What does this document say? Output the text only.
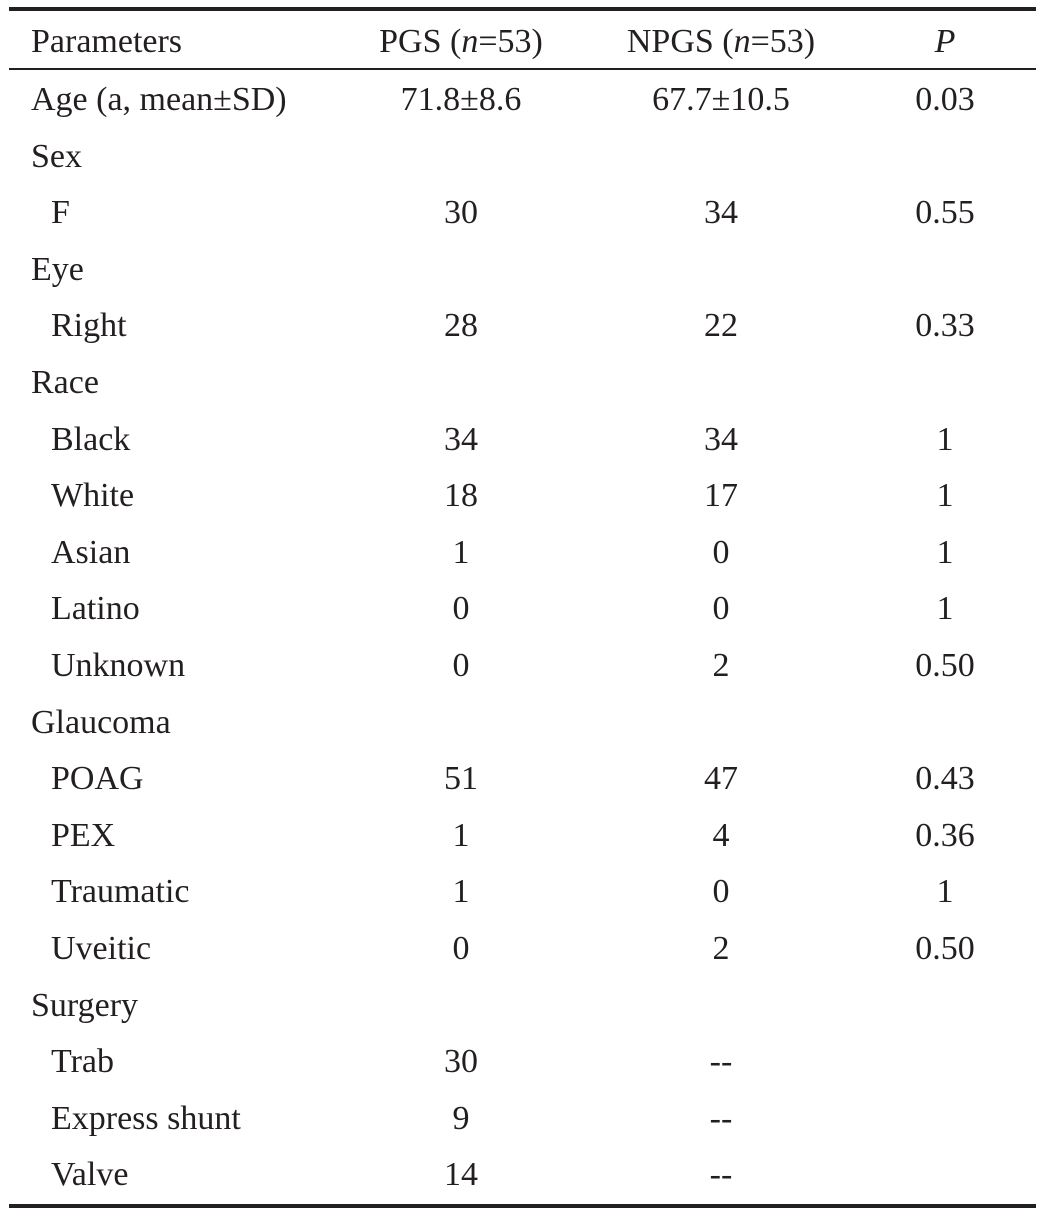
Parameters	PGS (n=53)	NPGS (n=53)	P
Age (a, mean±SD)	71.8±8.6	67.7±10.5	0.03
Sex
F	30	34	0.55
Eye
Right	28	22	0.33
Race
Black	34	34	1
White	18	17	1
Asian	1	0	1
Latino	0	0	1
Unknown	0	2	0.50
Glaucoma
POAG	51	47	0.43
PEX	1	4	0.36
Traumatic	1	0	1
Uveitic	0	2	0.50
Surgery
Trab	30	--
Express shunt	9	--
Valve	14	--
